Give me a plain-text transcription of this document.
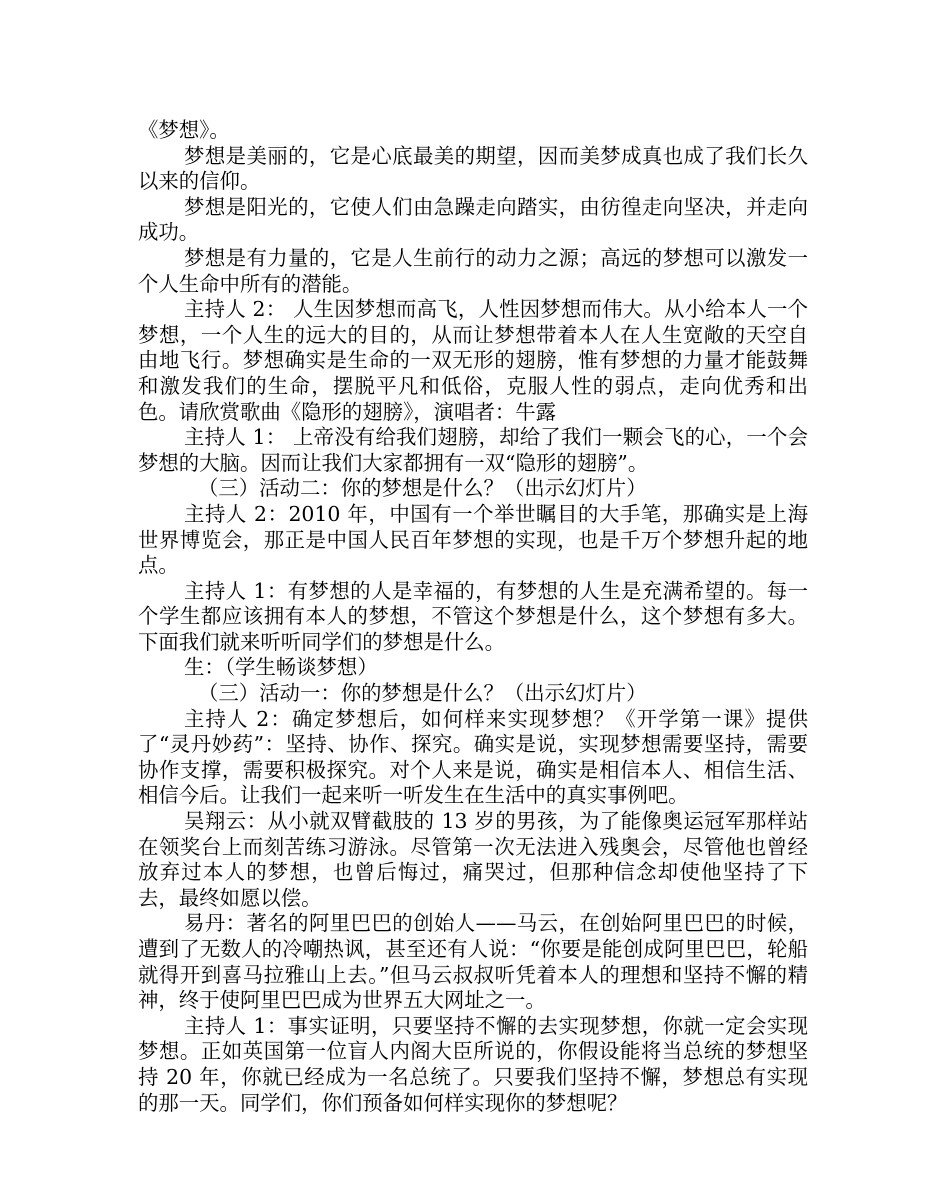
《梦想》。

梦想是美丽的，它是心底最美的期望，因而美梦成真也成了我们长久以来的信仰。

梦想是阳光的，它使人们由急躁走向踏实，由彷徨走向坚决，并走向成功。

梦想是有力量的，它是人生前行的动力之源；高远的梦想可以激发一个人生命中所有的潜能。

主持人 2： 人生因梦想而高飞，人性因梦想而伟大。从小给本人一个梦想，一个人生的远大的目的，从而让梦想带着本人在人生宽敞的天空自由地飞行。梦想确实是生命的一双无形的翅膀，惟有梦想的力量才能鼓舞和激发我们的生命，摆脱平凡和低俗，克服人性的弱点，走向优秀和出色。请欣赏歌曲《隐形的翅膀》，演唱者：牛露

主持人 1： 上帝没有给我们翅膀，却给了我们一颗会飞的心，一个会梦想的大脑。因而让我们大家都拥有一双“隐形的翅膀”。

（三）活动二：你的梦想是什么？（出示幻灯片）

主持人 2：2010 年，中国有一个举世瞩目的大手笔，那确实是上海世界博览会，那正是中国人民百年梦想的实现，也是千万个梦想升起的地点。

主持人 1：有梦想的人是幸福的，有梦想的人生是充满希望的。每一个学生都应该拥有本人的梦想，不管这个梦想是什么，这个梦想有多大。下面我们就来听听同学们的梦想是什么。

生：（学生畅谈梦想）

（三）活动一：你的梦想是什么？（出示幻灯片）

主持人 2：确定梦想后，如何样来实现梦想？《开学第一课》提供了“灵丹妙药”：坚持、协作、探究。确实是说，实现梦想需要坚持，需要协作支撑，需要积极探究。对个人来是说，确实是相信本人、相信生活、相信今后。让我们一起来听一听发生在生活中的真实事例吧。

吴翔云：从小就双臂截肢的 13 岁的男孩，为了能像奥运冠军那样站在领奖台上而刻苦练习游泳。尽管第一次无法进入残奥会，尽管他也曾经放弃过本人的梦想，也曾后悔过，痛哭过，但那种信念却使他坚持了下去，最终如愿以偿。

易丹：著名的阿里巴巴的创始人——马云，在创始阿里巴巴的时候，遭到了无数人的冷嘲热讽，甚至还有人说：“你要是能创成阿里巴巴，轮船就得开到喜马拉雅山上去。”但马云叔叔听凭着本人的理想和坚持不懈的精神，终于使阿里巴巴成为世界五大网址之一。

主持人 1：事实证明，只要坚持不懈的去实现梦想，你就一定会实现梦想。正如英国第一位盲人内阁大臣所说的，你假设能将当总统的梦想坚持 20 年，你就已经成为一名总统了。只要我们坚持不懈，梦想总有实现的那一天。同学们，你们预备如何样实现你的梦想呢？
